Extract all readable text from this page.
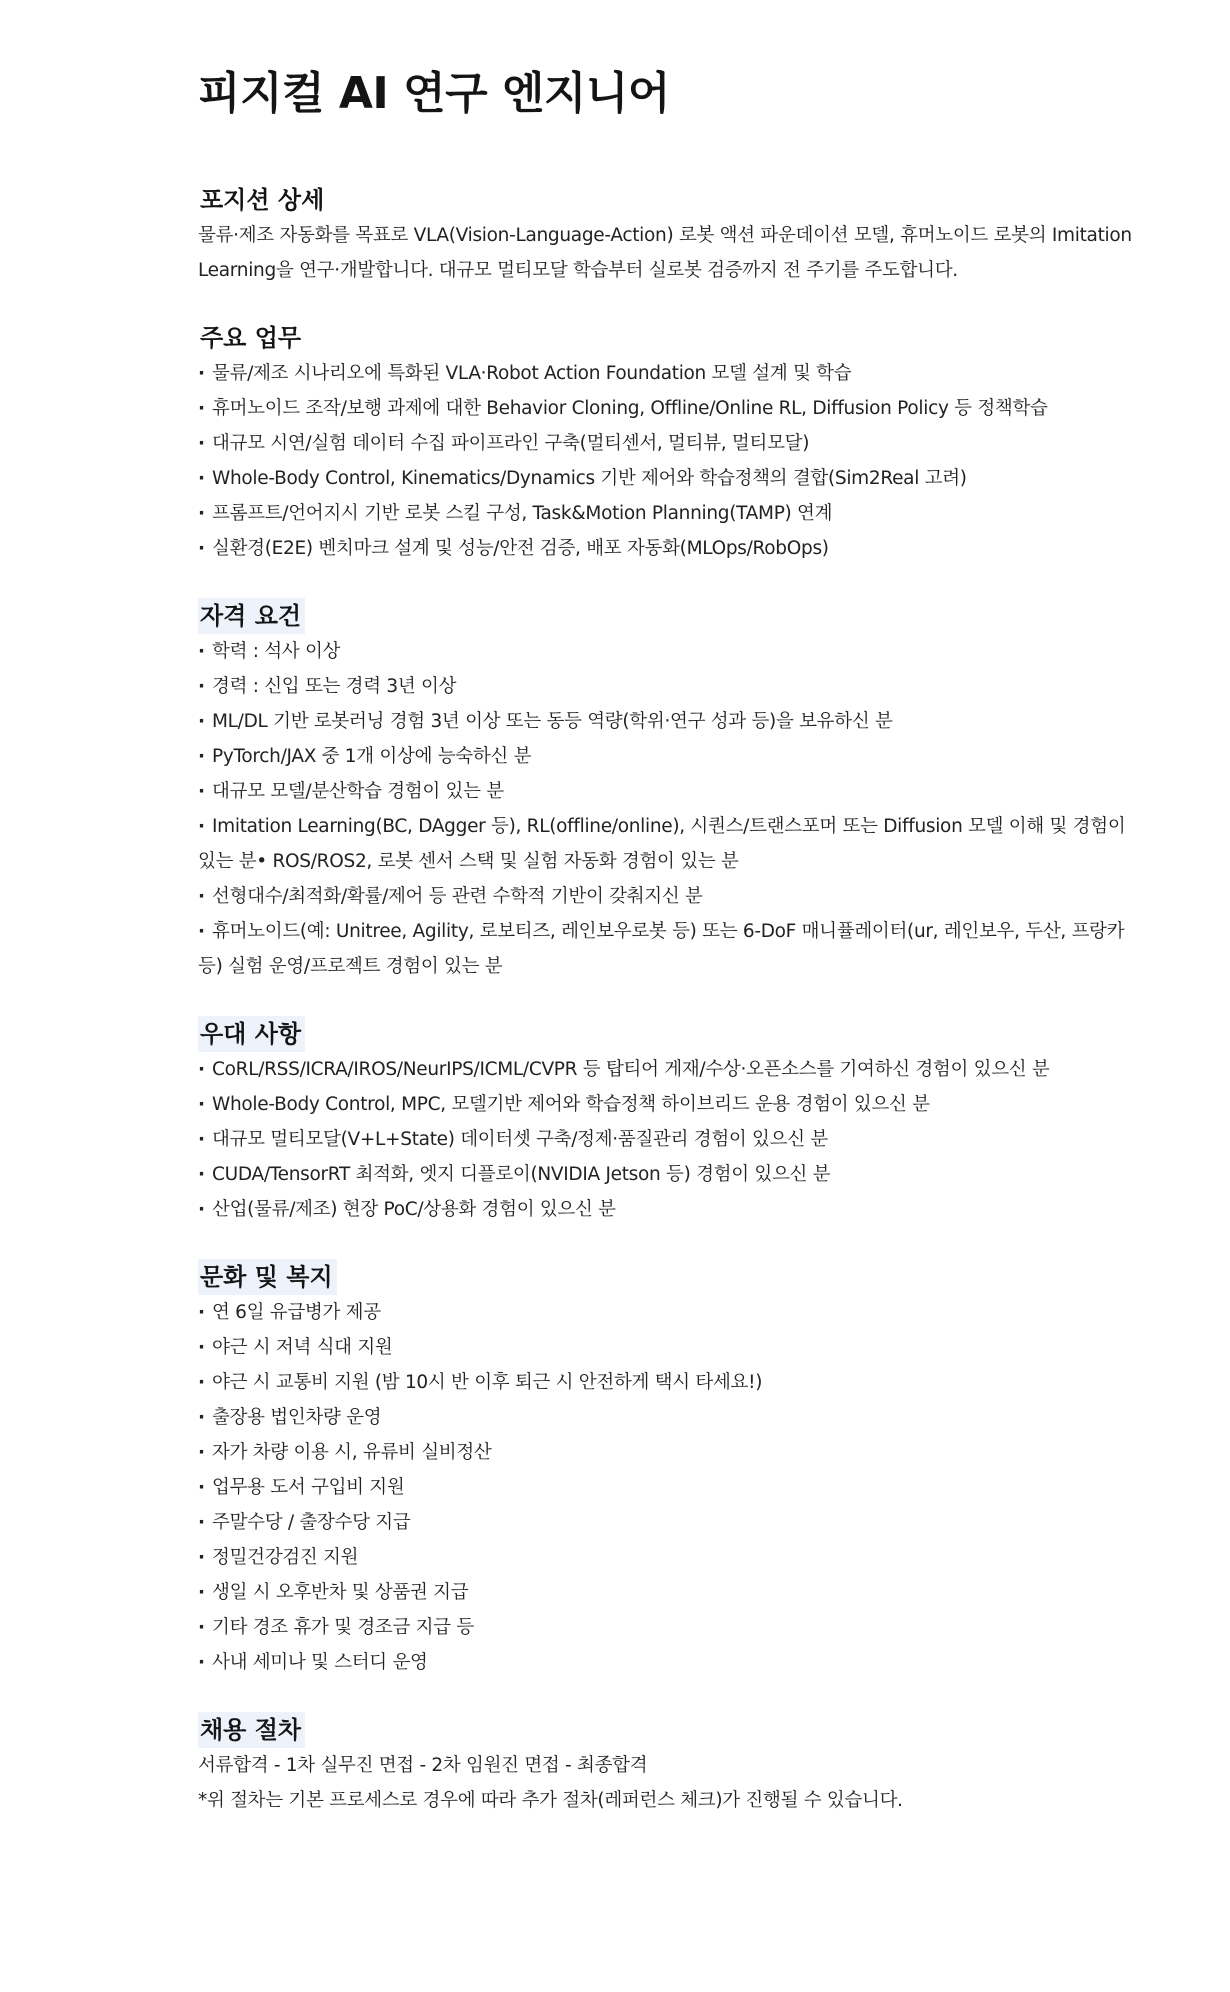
피지컬 AI 연구 엔지니어
포지션 상세

물류·제조 자동화를 목표로 VLA(Vision-Language-Action) 로봇 액션 파운데이션 모델, 휴머노이드 로봇의 Imitation Learning을 연구·개발합니다. 대규모 멀티모달 학습부터 실로봇 검증까지 전 주기를 주도합니다.

주요 업무
· 물류/제조 시나리오에 특화된 VLA·Robot Action Foundation 모델 설계 및 학습
· 휴머노이드 조작/보행 과제에 대한 Behavior Cloning, Offline/Online RL, Diffusion Policy 등 정책학습
· 대규모 시연/실험 데이터 수집 파이프라인 구축(멀티센서, 멀티뷰, 멀티모달)
· Whole-Body Control, Kinematics/Dynamics 기반 제어와 학습정책의 결합(Sim2Real 고려)
· 프롬프트/언어지시 기반 로봇 스킬 구성, Task&Motion Planning(TAMP) 연계
· 실환경(E2E) 벤치마크 설계 및 성능/안전 검증, 배포 자동화(MLOps/RobOps)
자격 요건
· 학력 : 석사 이상
· 경력 : 신입 또는 경력 3년 이상
· ML/DL 기반 로봇러닝 경험 3년 이상 또는 동등 역량(학위·연구 성과 등)을 보유하신 분
· PyTorch/JAX 중 1개 이상에 능숙하신 분
· 대규모 모델/분산학습 경험이 있는 분
· Imitation Learning(BC, DAgger 등), RL(offline/online), 시퀀스/트랜스포머 또는 Diffusion 모델 이해 및 경험이 있는 분• ROS/ROS2, 로봇 센서 스택 및 실험 자동화 경험이 있는 분
· 선형대수/최적화/확률/제어 등 관련 수학적 기반이 갖춰지신 분
· 휴머노이드(예: Unitree, Agility, 로보티즈, 레인보우로봇 등) 또는 6-DoF 매니퓰레이터(ur, 레인보우, 두산, 프랑카 등) 실험 운영/프로젝트 경험이 있는 분
우대 사항
· CoRL/RSS/ICRA/IROS/NeurIPS/ICML/CVPR 등 탑티어 게재/수상·오픈소스를 기여하신 경험이 있으신 분
· Whole-Body Control, MPC, 모델기반 제어와 학습정책 하이브리드 운용 경험이 있으신 분
· 대규모 멀티모달(V+L+State) 데이터셋 구축/정제·품질관리 경험이 있으신 분
· CUDA/TensorRT 최적화, 엣지 디플로이(NVIDIA Jetson 등) 경험이 있으신 분
· 산업(물류/제조) 현장 PoC/상용화 경험이 있으신 분
문화 및 복지
· 연 6일 유급병가 제공
· 야근 시 저녁 식대 지원
· 야근 시 교통비 지원 (밤 10시 반 이후 퇴근 시 안전하게 택시 타세요!)
· 출장용 법인차량 운영
· 자가 차량 이용 시, 유류비 실비정산
· 업무용 도서 구입비 지원
· 주말수당 / 출장수당 지급
· 정밀건강검진 지원
· 생일 시 오후반차 및 상품권 지급
· 기타 경조 휴가 및 경조금 지급 등
· 사내 세미나 및 스터디 운영
채용 절차

서류합격 - 1차 실무진 면접 - 2차 임원진 면접 - 최종합격

*위 절차는 기본 프로세스로 경우에 따라 추가 절차(레퍼런스 체크)가 진행될 수 있습니다.
